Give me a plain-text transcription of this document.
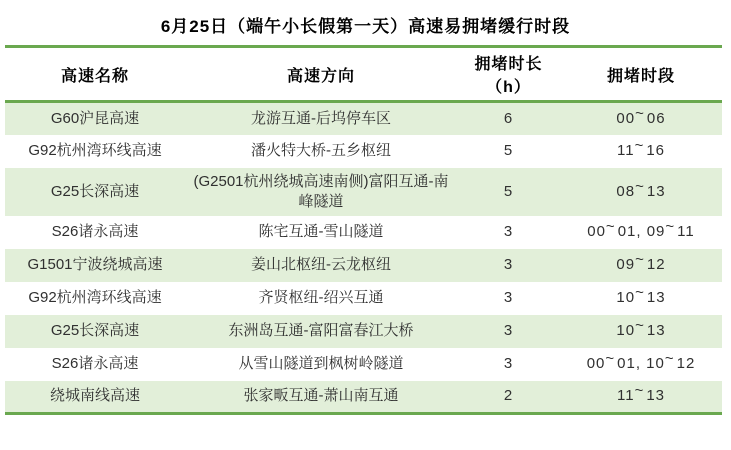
6月25日（端午小长假第一天）高速易拥堵缓行时段
高速名称	高速方向	拥堵时长（h）	拥堵时段
G60沪昆高速	龙游互通-后坞停车区	6	00~ 06
G92杭州湾环线高速	潘火特大桥-五乡枢纽	5	11~ 16
G25长深高速	(G2501杭州绕城高速南侧)富阳互通-南峰隧道	5	08~ 13
S26诸永高速	陈宅互通-雪山隧道	3	00~ 01, 09~ 11
G1501宁波绕城高速	姜山北枢纽-云龙枢纽	3	09~ 12
G92杭州湾环线高速	齐贤枢纽-绍兴互通	3	10~ 13
G25长深高速	东洲岛互通-富阳富春江大桥	3	10~ 13
S26诸永高速	从雪山隧道到枫树岭隧道	3	00~ 01, 10~ 12
绕城南线高速	张家畈互通-萧山南互通	2	11~ 13
